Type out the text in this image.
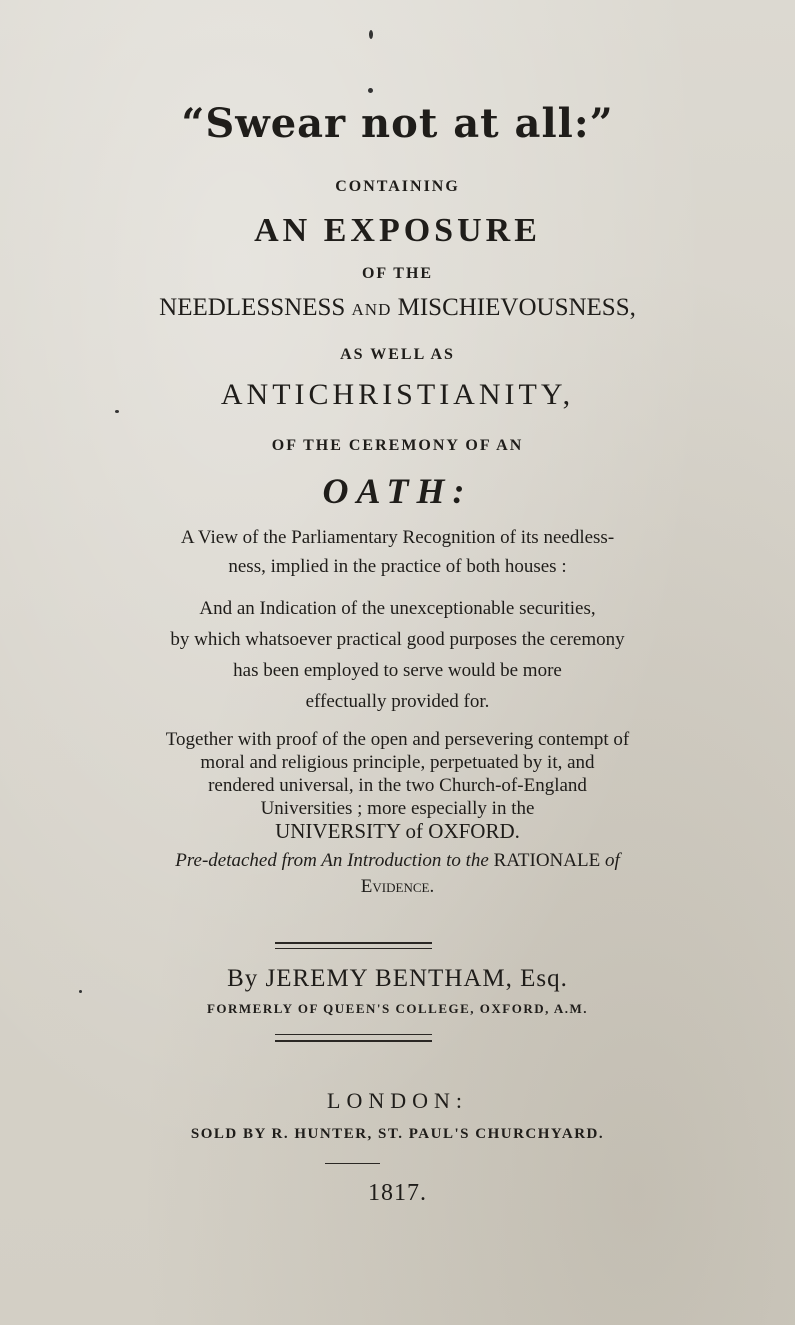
“Swear not at all:”
CONTAINING
AN EXPOSURE
OF THE
NEEDLESSNESS AND MISCHIEVOUSNESS,
AS WELL AS
ANTICHRISTIANITY,
OF THE CEREMONY OF AN
OATH:
A View of the Parliamentary Recognition of its needless-
ness, implied in the practice of both houses :
And an Indication of the unexceptionable securities,
by which whatsoever practical good purposes the ceremony
has been employed to serve would be more
effectually provided for.
Together with proof of the open and persevering contempt of
moral and religious principle, perpetuated by it, and
rendered universal, in the two Church-of-England
Universities ; more especially in the
UNIVERSITY of OXFORD.
Pre-detached from An Introduction to the RATIONALE of
Evidence.
By JEREMY BENTHAM, Esq.
FORMERLY OF QUEEN'S COLLEGE, OXFORD, A.M.
LONDON:
SOLD BY R. HUNTER, ST. PAUL'S CHURCHYARD.
1817.
